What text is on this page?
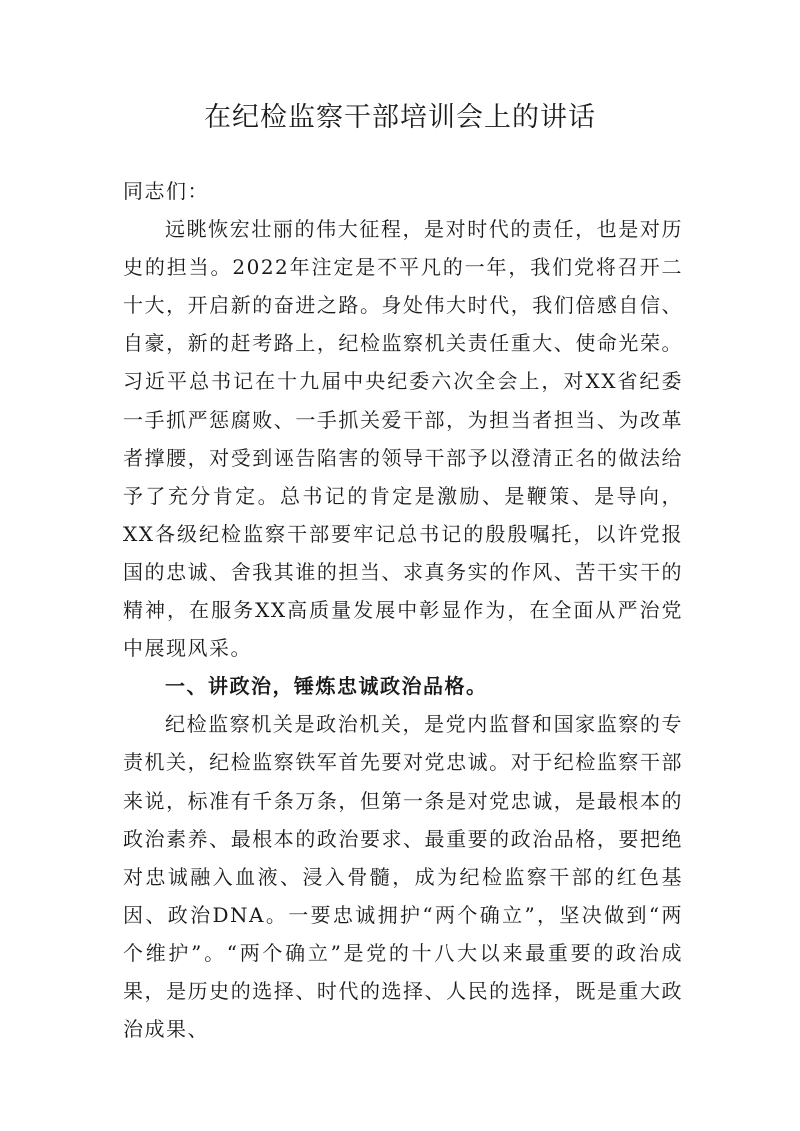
在纪检监察干部培训会上的讲话

同志们：

远眺恢宏壮丽的伟大征程，是对时代的责任，也是对历史的担当。2022年注定是不平凡的一年，我们党将召开二十大，开启新的奋进之路。身处伟大时代，我们倍感自信、自豪，新的赶考路上，纪检监察机关责任重大、使命光荣。习近平总书记在十九届中央纪委六次全会上，对XX省纪委一手抓严惩腐败、一手抓关爱干部，为担当者担当、为改革者撑腰，对受到诬告陷害的领导干部予以澄清正名的做法给予了充分肯定。总书记的肯定是激励、是鞭策、是导向，XX各级纪检监察干部要牢记总书记的殷殷嘱托，以许党报国的忠诚、舍我其谁的担当、求真务实的作风、苦干实干的精神，在服务XX高质量发展中彰显作为，在全面从严治党中展现风采。

一、讲政治，锤炼忠诚政治品格。

纪检监察机关是政治机关，是党内监督和国家监察的专责机关，纪检监察铁军首先要对党忠诚。对于纪检监察干部来说，标准有千条万条，但第一条是对党忠诚，是最根本的政治素养、最根本的政治要求、最重要的政治品格，要把绝对忠诚融入血液、浸入骨髓，成为纪检监察干部的红色基因、政治DNA。一要忠诚拥护“两个确立”，坚决做到“两个维护”。“两个确立”是党的十八大以来最重要的政治成果，是历史的选择、时代的选择、人民的选择，既是重大政治成果、
